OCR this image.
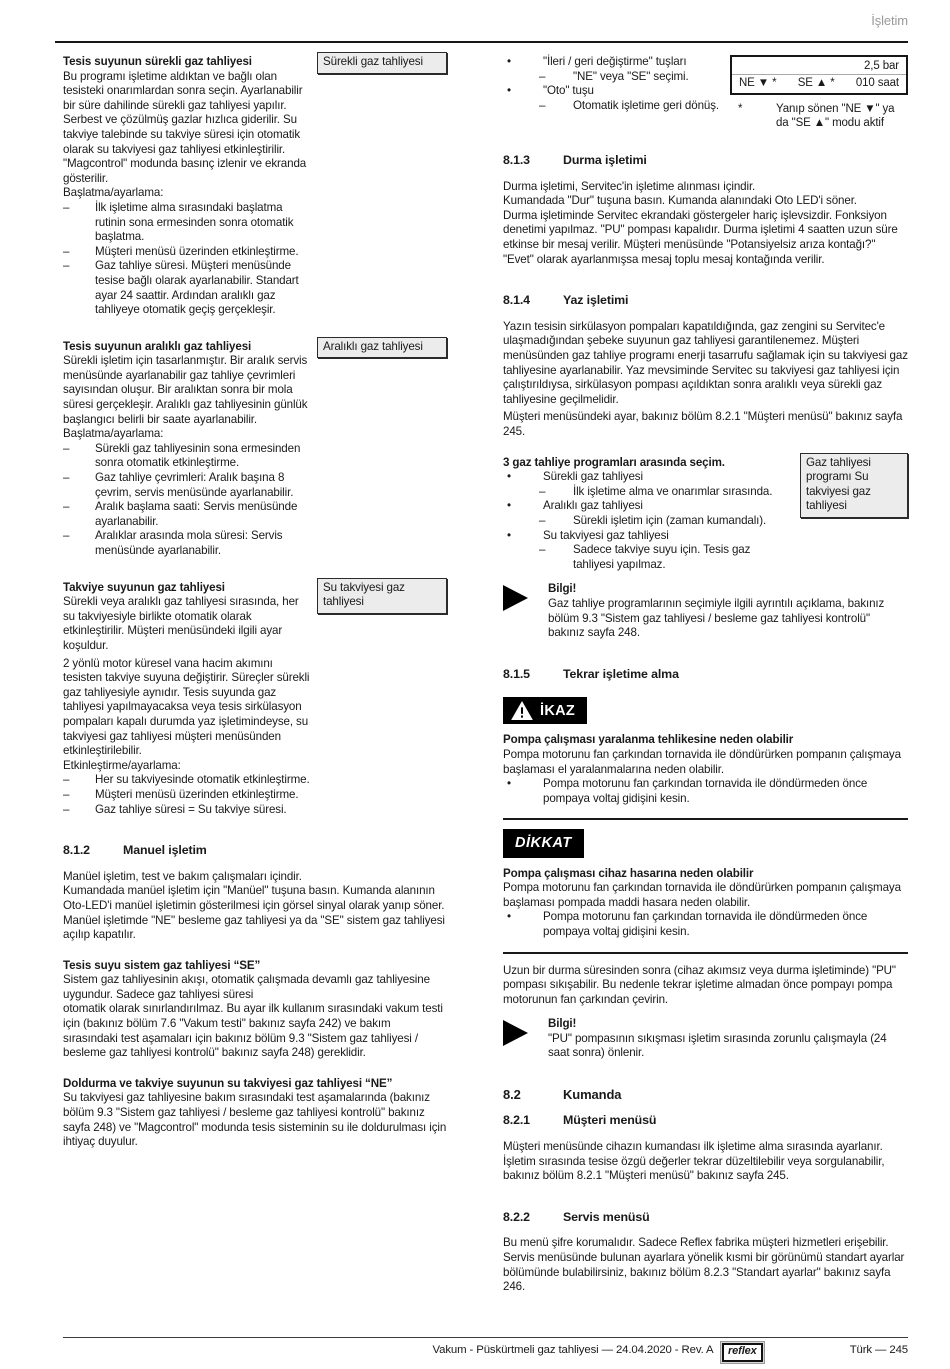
İşletim
Sürekli gaz tahliyesi
Tesis suyunun sürekli gaz tahliyesi

Bu programı işletime aldıktan ve bağlı olan tesisteki onarımlardan sonra seçin. Ayarlanabilir bir süre dahilinde sürekli gaz tahliyesi yapılır. Serbest ve çözülmüş gazlar hızlıca giderilir. Su takviye talebinde su takviye süresi için otomatik olarak su takviyesi gaz tahliyesi etkinleştirilir. "Magcontrol" modunda basınç izlenir ve ekranda gösterilir.

Başlatma/ayarlama:
– İlk işletime alma sırasındaki başlatma rutinin sona ermesinden sonra otomatik başlatma.
– Müşteri menüsü üzerinden etkinleştirme.
– Gaz tahliye süresi. Müşteri menüsünde tesise bağlı olarak ayarlanabilir. Standart ayar 24 saattir. Ardından aralıklı gaz tahliyeye otomatik geçiş gerçekleşir.
Aralıklı gaz tahliyesi
Tesis suyunun aralıklı gaz tahliyesi

Sürekli işletim için tasarlanmıştır. Bir aralık servis menüsünde ayarlanabilir gaz tahliye çevrimleri sayısından oluşur. Bir aralıktan sonra bir mola süresi gerçekleşir. Aralıklı gaz tahliyesinin günlük başlangıcı belirli bir saate ayarlanabilir.

Başlatma/ayarlama:
– Sürekli gaz tahliyesinin sona ermesinden sonra otomatik etkinleştirme.
– Gaz tahliye çevrimleri: Aralık başına 8 çevrim, servis menüsünde ayarlanabilir.
– Aralık başlama saati: Servis menüsünde ayarlanabilir.
– Aralıklar arasında mola süresi: Servis menüsünde ayarlanabilir.
Su takviyesi gaz tahliyesi
Takviye suyunun gaz tahliyesi

Sürekli veya aralıklı gaz tahliyesi sırasında, her su takviyesiyle birlikte otomatik olarak etkinleştirilir. Müşteri menüsündeki ilgili ayar koşuldur.

2 yönlü motor küresel vana hacim akımını tesisten takviye suyuna değiştirir. Süreçler sürekli gaz tahliyesiyle aynıdır. Tesis suyunda gaz tahliyesi yapılmayacaksa veya tesis sirkülasyon pompaları kapalı durumda yaz işletimindeyse, su takviyesi gaz tahliyesi müşteri menüsünden etkinleştirilebilir.

Etkinleştirme/ayarlama:
– Her su takviyesinde otomatik etkinleştirme.
– Müşteri menüsü üzerinden etkinleştirme.
– Gaz tahliye süresi = Su takviye süresi.
8.1.2	Manuel işletim

Manüel işletim, test ve bakım çalışmaları içindir.

Kumandada manüel işletim için "Manüel" tuşuna basın. Kumanda alanının Oto-LED'i manüel işletimin gösterilmesi için görsel sinyal olarak yanıp söner. Manüel işletimde "NE" besleme gaz tahliyesi ya da "SE" sistem gaz tahliyesi açılıp kapatılır.

Tesis suyu sistem gaz tahliyesi “SE”

Sistem gaz tahliyesinin akışı, otomatik çalışmada devamlı gaz tahliyesine uygundur. Sadece gaz tahliyesi süresi

otomatik olarak sınırlandırılmaz. Bu ayar ilk kullanım sırasındaki vakum testi için (bakınız bölüm 7.6 "Vakum testi" bakınız sayfa 242) ve bakım sırasındaki test aşamaları için bakınız bölüm 9.3 "Sistem gaz tahliyesi / besleme gaz tahliyesi kontrolü" bakınız sayfa 248) gereklidir.

Doldurma ve takviye suyunun su takviyesi gaz tahliyesi “NE”

Su takviyesi gaz tahliyesine bakım sırasındaki test aşamalarında (bakınız bölüm 9.3 "Sistem gaz tahliyesi / besleme gaz tahliyesi kontrolü" bakınız sayfa 248) ve "Magcontrol" modunda tesis sisteminin su ile doldurulması için ihtiyaç duyulur.

• "İleri / geri değiştirme" tuşları
– "NE" veya "SE" seçimi.
• "Oto" tuşu
– Otomatik işletime geri dönüş.
2,5 bar
NE ▼ * SE ▲ * 010 saat
*	Yanıp sönen "NE ▼" ya da "SE ▲" modu aktif
8.1.3	Durma işletimi

Durma işletimi, Servitec'in işletime alınması içindir.

Kumandada "Dur" tuşuna basın. Kumanda alanındaki Oto LED'i söner.

Durma işletiminde Servitec ekrandaki göstergeler hariç işlevsizdir. Fonksiyon denetimi yapılmaz. "PU" pompası kapalıdır. Durma işletimi 4 saatten uzun süre etkinse bir mesaj verilir. Müşteri menüsünde "Potansiyelsiz arıza kontağı?" "Evet" olarak ayarlanmışsa mesaj toplu mesaj kontağında verilir.

8.1.4	Yaz işletimi

Yazın tesisin sirkülasyon pompaları kapatıldığında, gaz zengini su Servitec'e ulaşmadığından şebeke suyunun gaz tahliyesi garantilenemez. Müşteri menüsünden gaz tahliye programı enerji tasarrufu sağlamak için su takviyesi gaz tahliyesine ayarlanabilir. Yaz mevsiminde Servitec su takviyesi gaz tahliyesi için çalıştırıldıysa, sirkülasyon pompası açıldıktan sonra aralıklı veya sürekli gaz tahliyesine geçilmelidir.

Müşteri menüsündeki ayar, bakınız bölüm 8.2.1 "Müşteri menüsü" bakınız sayfa 245.

Gaz tahliyesi programı Su takviyesi gaz tahliyesi
3 gaz tahliye programları arasında seçim.
• Sürekli gaz tahliyesi
– İlk işletime alma ve onarımlar sırasında.
• Aralıklı gaz tahliyesi
– Sürekli işletim için (zaman kumandalı).
• Su takviyesi gaz tahliyesi
– Sadece takviye suyu için. Tesis gaz tahliyesi yapılmaz.
Bilgi!
Gaz tahliye programlarının seçimiyle ilgili ayrıntılı açıklama, bakınız bölüm 9.3 "Sistem gaz tahliyesi / besleme gaz tahliyesi kontrolü" bakınız sayfa 248.
8.1.5	Tekrar işletime alma
İKAZ
Pompa çalışması yaralanma tehlikesine neden olabilir
Pompa motorunu fan çarkından tornavida ile döndürürken pompanın çalışmaya başlaması el yaralanmalarına neden olabilir.
• Pompa motorunu fan çarkından tornavida ile döndürmeden önce pompaya voltaj gidişini kesin.
DİKKAT
Pompa çalışması cihaz hasarına neden olabilir
Pompa motorunu fan çarkından tornavida ile döndürürken pompanın çalışmaya başlaması pompada maddi hasara neden olabilir.
• Pompa motorunu fan çarkından tornavida ile döndürmeden önce pompaya voltaj gidişini kesin.

Uzun bir durma süresinden sonra (cihaz akımsız veya durma işletiminde) "PU" pompası sıkışabilir. Bu nedenle tekrar işletime almadan önce pompayı pompa motorunun fan çarkından çevirin.

Bilgi!
"PU" pompasının sıkışması işletim sırasında zorunlu çalışmayla (24 saat sonra) önlenir.
8.2	Kumanda
8.2.1	Müşteri menüsü

Müşteri menüsünde cihazın kumandası ilk işletime alma sırasında ayarlanır. İşletim sırasında tesise özgü değerler tekrar düzeltilebilir veya sorgulanabilir, bakınız bölüm 8.2.1 "Müşteri menüsü" bakınız sayfa 245.

8.2.2	Servis menüsü

Bu menü şifre korumalıdır. Sadece Reflex fabrika müşteri hizmetleri erişebilir. Servis menüsünde bulunan ayarlara yönelik kısmi bir görünümü standart ayarlar bölümünde bulabilirsiniz, bakınız bölüm 8.2.3 "Standart ayarlar" bakınız sayfa 246.

Vakum - Püskürtmeli gaz tahliyesi — 24.04.2020 - Rev. A	reflex	Türk — 245
